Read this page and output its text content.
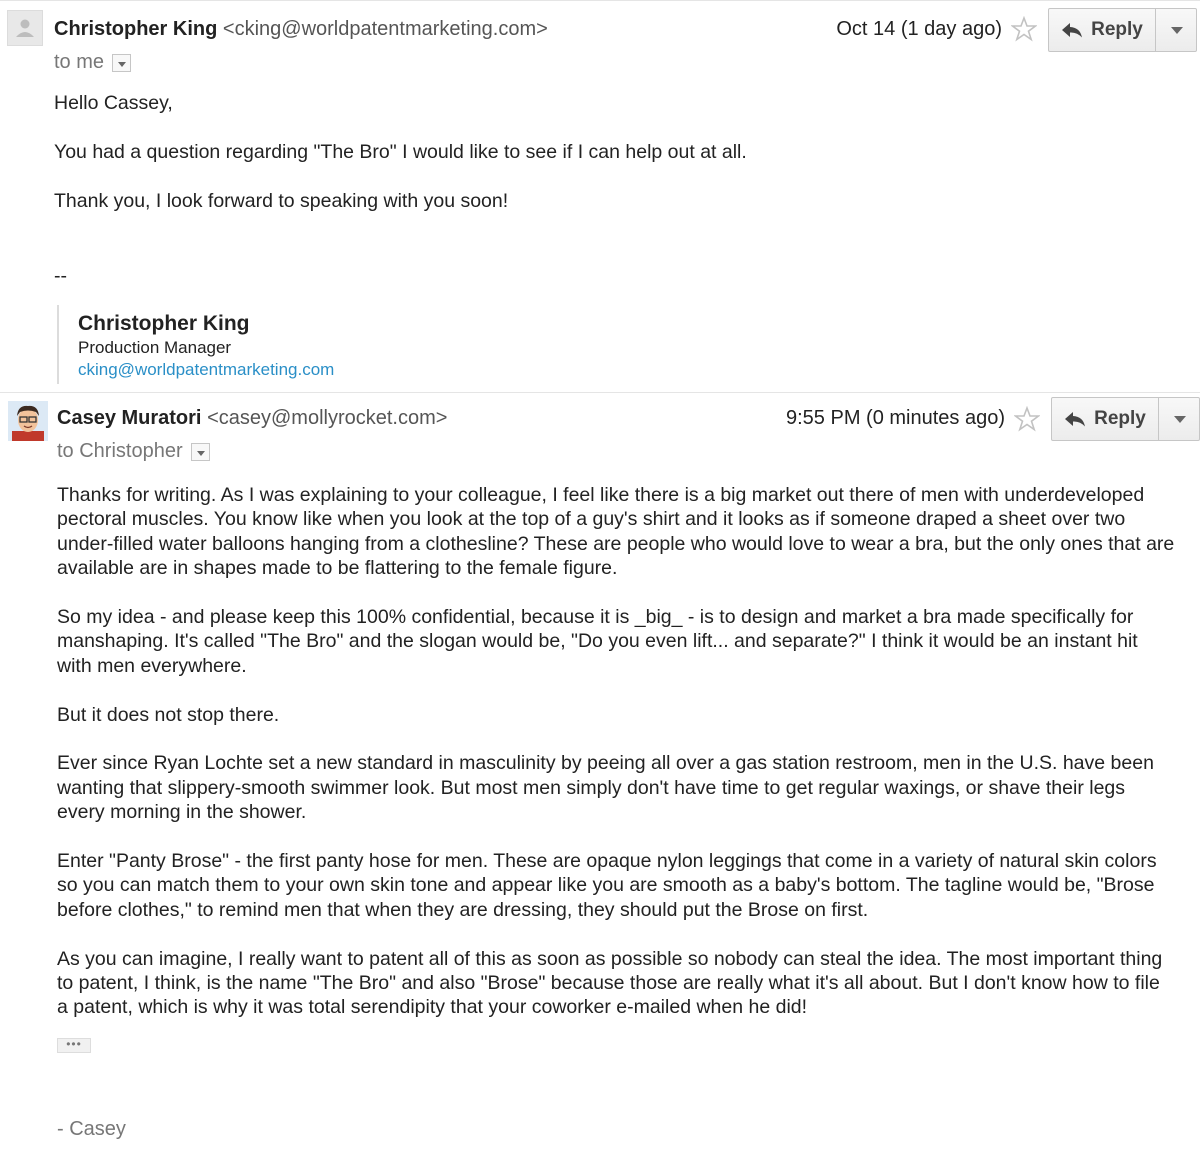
Christopher King <cking@worldpatentmarketing.com>
to me
Oct 14 (1 day ago)	Reply

Hello Cassey,

You had a question regarding "The Bro" I would like to see if I can help out at all.

Thank you, I look forward to speaking with you soon!

--
Christopher King
Production Manager
cking@worldpatentmarketing.com
Casey Muratori <casey@mollyrocket.com>
to Christopher
9:55 PM (0 minutes ago)	Reply

Thanks for writing. As I was explaining to your colleague, I feel like there is a big market out there of men with underdeveloped pectoral muscles. You know like when you look at the top of a guy's shirt and it looks as if someone draped a sheet over two under-filled water balloons hanging from a clothesline? These are people who would love to wear a bra, but the only ones that are available are in shapes made to be flattering to the female figure.

So my idea - and please keep this 100% confidential, because it is _big_ - is to design and market a bra made specifically for manshaping. It's called "The Bro" and the slogan would be, "Do you even lift... and separate?" I think it would be an instant hit with men everywhere.

But it does not stop there.

Ever since Ryan Lochte set a new standard in masculinity by peeing all over a gas station restroom, men in the U.S. have been wanting that slippery-smooth swimmer look. But most men simply don't have time to get regular waxings, or shave their legs every morning in the shower.

Enter "Panty Brose" - the first panty hose for men. These are opaque nylon leggings that come in a variety of natural skin colors so you can match them to your own skin tone and appear like you are smooth as a baby's bottom. The tagline would be, "Brose before clothes," to remind men that when they are dressing, they should put the Brose on first.

As you can imagine, I really want to patent all of this as soon as possible so nobody can steal the idea. The most important thing to patent, I think, is the name "The Bro" and also "Brose" because those are really what it's all about. But I don't know how to file a patent, which is why it was total serendipity that your coworker e-mailed when he did!

•••
- Casey
